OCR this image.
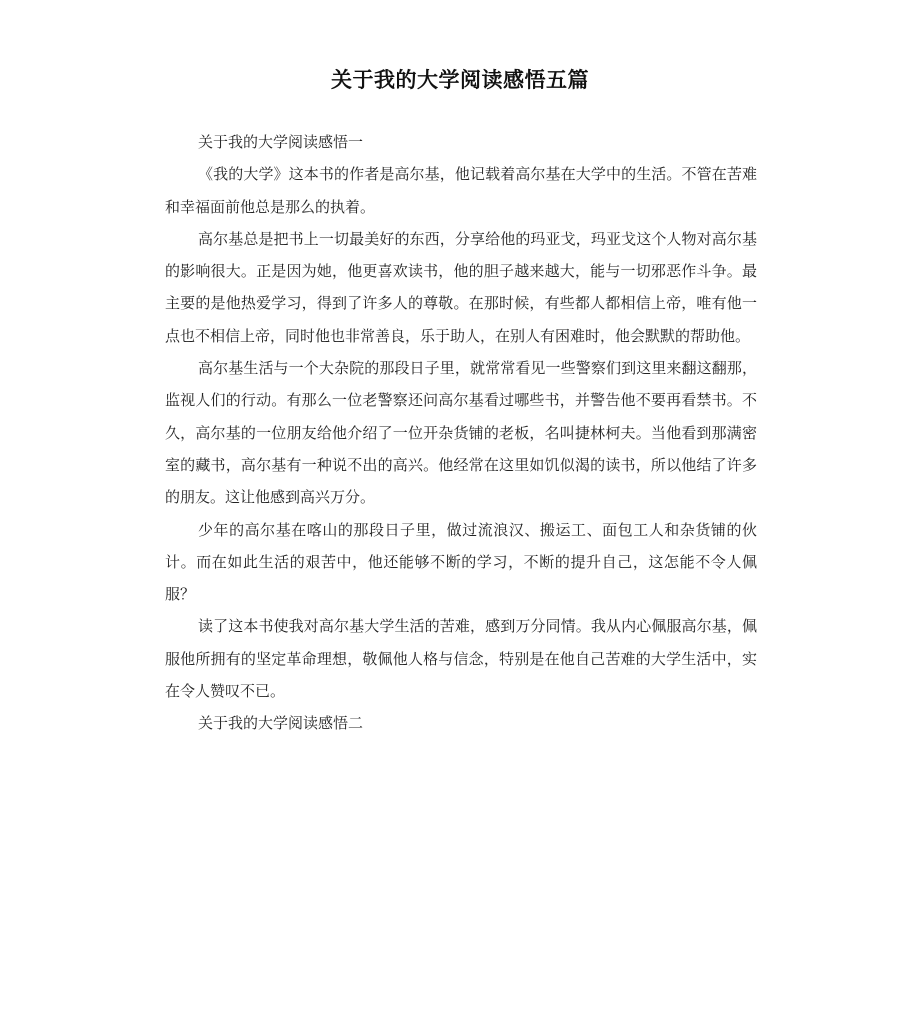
关于我的大学阅读感悟五篇

关于我的大学阅读感悟一

《我的大学》这本书的作者是高尔基，他记载着高尔基在大学中的生活。不管在苦难和幸福面前他总是那么的执着。

高尔基总是把书上一切最美好的东西，分享给他的玛亚戈，玛亚戈这个人物对高尔基的影响很大。正是因为她，他更喜欢读书，他的胆子越来越大，能与一切邪恶作斗争。最主要的是他热爱学习，得到了许多人的尊敬。在那时候，有些都人都相信上帝，唯有他一点也不相信上帝，同时他也非常善良，乐于助人，在别人有困难时，他会默默的帮助他。

高尔基生活与一个大杂院的那段日子里，就常常看见一些警察们到这里来翻这翻那，监视人们的行动。有那么一位老警察还问高尔基看过哪些书，并警告他不要再看禁书。不久，高尔基的一位朋友给他介绍了一位开杂货铺的老板，名叫捷林柯夫。当他看到那满密室的藏书，高尔基有一种说不出的高兴。他经常在这里如饥似渴的读书，所以他结了许多的朋友。这让他感到高兴万分。

少年的高尔基在喀山的那段日子里，做过流浪汉、搬运工、面包工人和杂货铺的伙计。而在如此生活的艰苦中，他还能够不断的学习，不断的提升自己，这怎能不令人佩服？

读了这本书使我对高尔基大学生活的苦难，感到万分同情。我从内心佩服高尔基，佩服他所拥有的坚定革命理想，敬佩他人格与信念，特别是在他自己苦难的大学生活中，实在令人赞叹不已。

关于我的大学阅读感悟二
